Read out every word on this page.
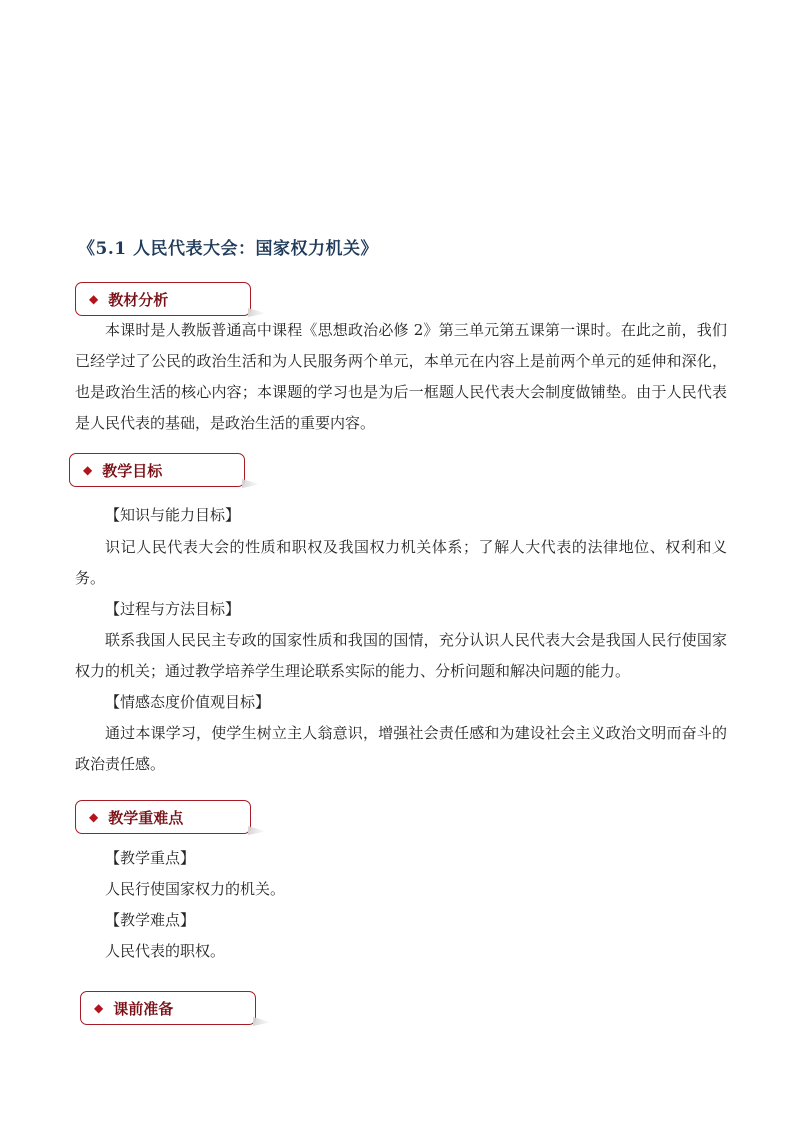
《5.1 人民代表大会：国家权力机关》
◆ 教材分析

本课时是人教版普通高中课程《思想政治必修 2》第三单元第五课第一课时。在此之前，我们已经学过了公民的政治生活和为人民服务两个单元，本单元在内容上是前两个单元的延伸和深化，也是政治生活的核心内容；本课题的学习也是为后一框题人民代表大会制度做铺垫。由于人民代表是人民代表的基础，是政治生活的重要内容。

◆ 教学目标

【知识与能力目标】

识记人民代表大会的性质和职权及我国权力机关体系；了解人大代表的法律地位、权利和义务。

【过程与方法目标】

联系我国人民民主专政的国家性质和我国的国情，充分认识人民代表大会是我国人民行使国家权力的机关；通过教学培养学生理论联系实际的能力、分析问题和解决问题的能力。

【情感态度价值观目标】

通过本课学习，使学生树立主人翁意识，增强社会责任感和为建设社会主义政治文明而奋斗的政治责任感。

◆ 教学重难点

【教学重点】

人民行使国家权力的机关。

【教学难点】

人民代表的职权。

◆ 课前准备
